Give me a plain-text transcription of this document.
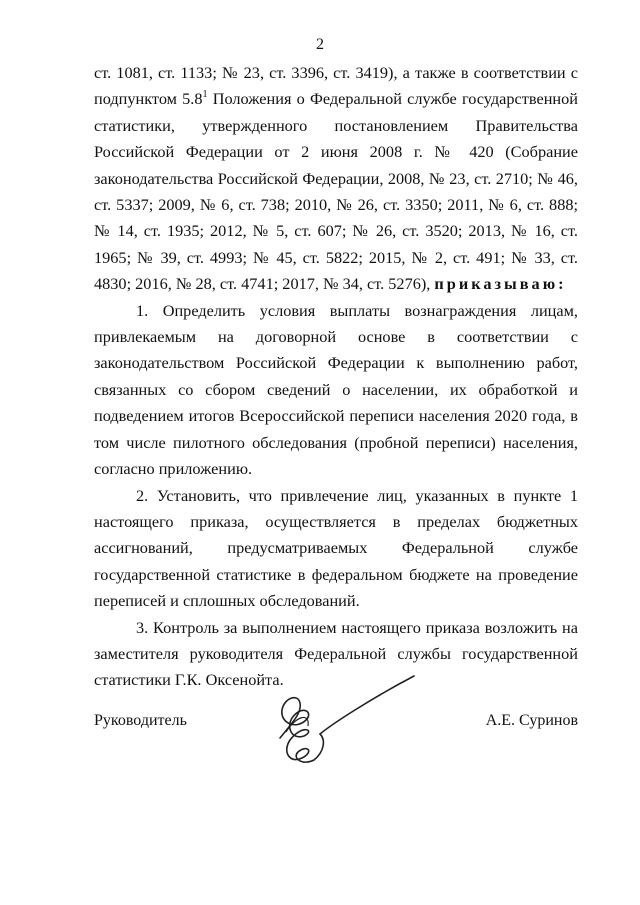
2

ст. 1081, ст. 1133; № 23, ст. 3396, ст. 3419), а также в соответствии с подпунктом $5.8^1$ Положения о Федеральной службе государственной статистики, утвержденного постановлением Правительства Российской Федерации от 2 июня 2008 г. № 420 (Собрание законодательства Российской Федерации, 2008, № 23, ст. 2710; № 46, ст. 5337; 2009, № 6, ст. 738; 2010, № 26, ст. 3350; 2011, № 6, ст. 888; № 14, ст. 1935; 2012, № 5, ст. 607; № 26, ст. 3520; 2013, № 16, ст. 1965; № 39, ст. 4993; № 45, ст. 5822; 2015, № 2, ст. 491; № 33, ст. 4830; 2016, № 28, ст. 4741; 2017, № 34, ст. 5276), приказываю:

1. Определить условия выплаты вознаграждения лицам, привлекаемым на договорной основе в соответствии с законодательством Российской Федерации к выполнению работ, связанных со сбором сведений о населении, их обработкой и подведением итогов Всероссийской переписи населения 2020 года, в том числе пилотного обследования (пробной переписи) населения, согласно приложению.

2. Установить, что привлечение лиц, указанных в пункте 1 настоящего приказа, осуществляется в пределах бюджетных ассигнований, предусматриваемых Федеральной службе государственной статистике в федеральном бюджете на проведение переписей и сплошных обследований.

3. Контроль за выполнением настоящего приказа возложить на заместителя руководителя Федеральной службы государственной статистики Г.К. Оксенойта.

Руководитель	А.Е. Суринов
